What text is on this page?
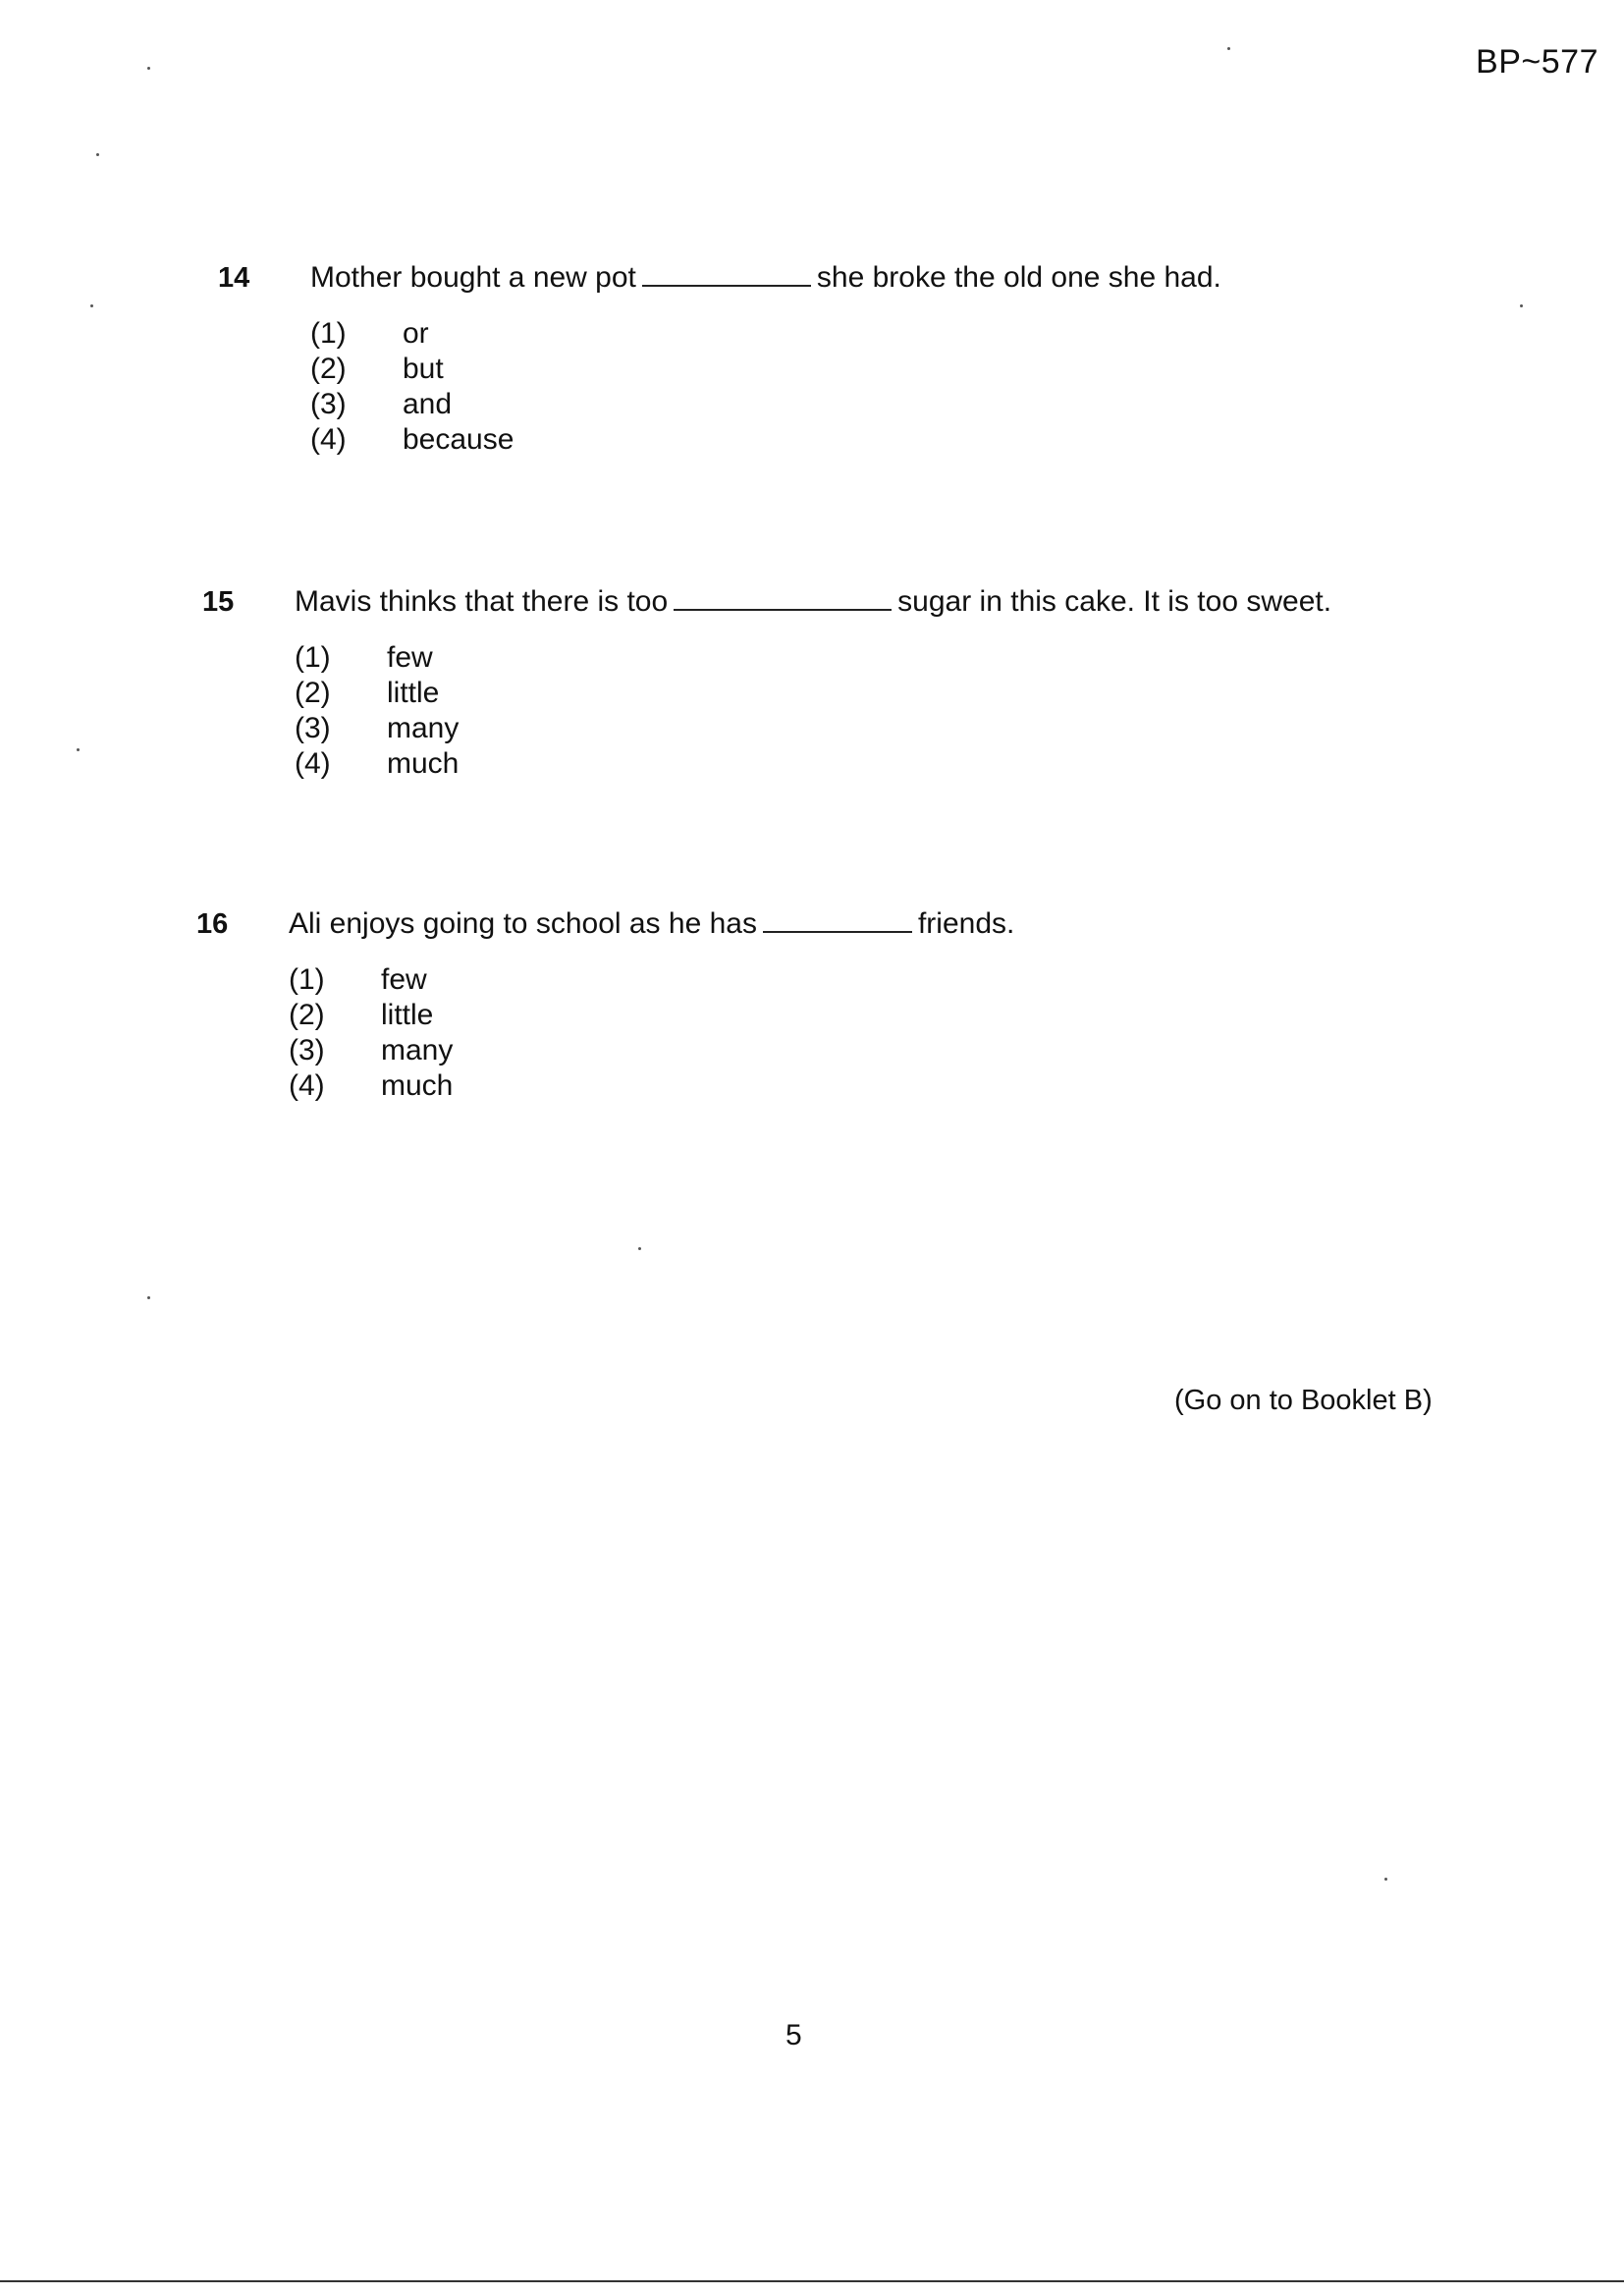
BP~577
14	Mother bought a new pot	she broke the old one she had.
(1)	or
(2)	but
(3)	and
(4)	because
15	Mavis thinks that there is too	sugar in this cake. It is too sweet.
(1)	few
(2)	little
(3)	many
(4)	much
16	Ali enjoys going to school as he has	friends.
(1)	few
(2)	little
(3)	many
(4)	much
(Go on to Booklet B)
5
